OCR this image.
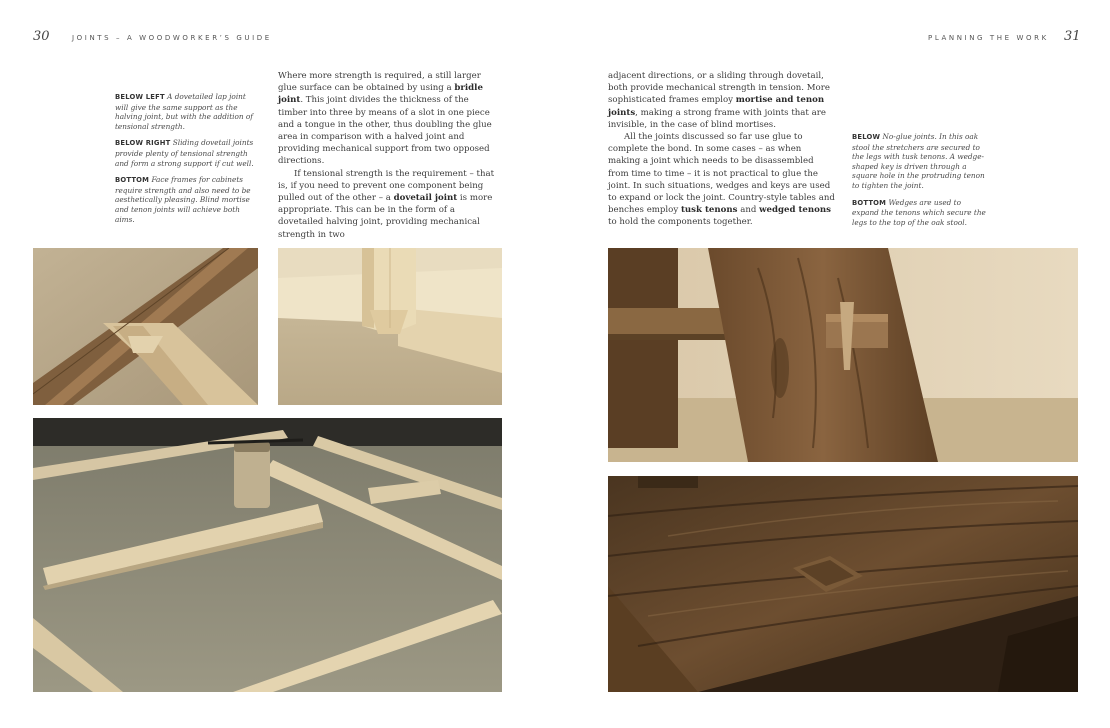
30	JOINTS – A WOODWORKER’S GUIDE

BELOW LEFT A dovetailed lap joint will give the same support as the halving joint, but with the addition of tensional strength.

BELOW RIGHT Sliding dovetail joints provide plenty of tensional strength and form a strong support if cut well.

BOTTOM Face frames for cabinets require strength and also need to be aesthetically pleasing. Blind mortise and tenon joints will achieve both aims.

Where more strength is required, a still larger glue surface can be obtained by using a bridle joint. This joint divides the thickness of the timber into three by means of a slot in one piece and a tongue in the other, thus doubling the glue area in comparison with a halved joint and providing mechanical support from two opposed directions.

If tensional strength is the requirement – that is, if you need to prevent one component being pulled out of the other – a dovetail joint is more appropriate. This can be in the form of a dovetailed halving joint, providing mechanical strength in two

PLANNING THE WORK 31

adjacent directions, or a sliding through dovetail, both provide mechanical strength in tension. More sophisticated frames employ mortise and tenon joints, making a strong frame with joints that are invisible, in the case of blind mortises.

All the joints discussed so far use glue to complete the bond. In some cases – as when making a joint which needs to be disassembled from time to time – it is not practical to glue the joint. In such situations, wedges and keys are used to expand or lock the joint. Country-style tables and benches employ tusk tenons and wedged tenons to hold the components together.

BELOW No-glue joints. In this oak stool the stretchers are secured to the legs with tusk tenons. A wedge-shaped key is driven through a square hole in the protruding tenon to tighten the joint.

BOTTOM Wedges are used to expand the tenons which secure the legs to the top of the oak stool.
